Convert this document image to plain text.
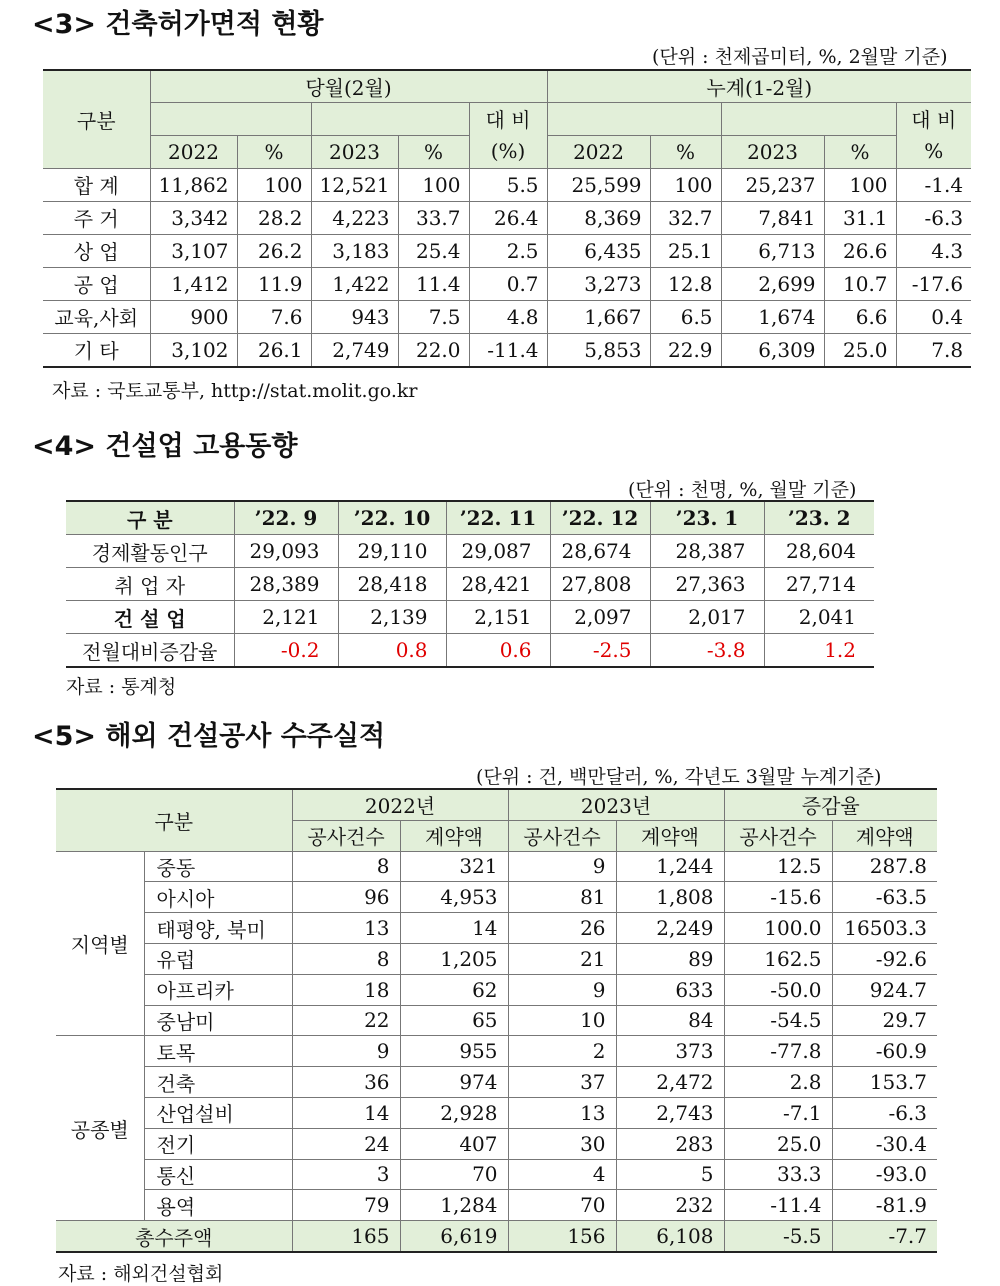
<3> 건축허가면적 현황
(단위 : 천제곱미터, %, 2월말 기준)
구분	당월(2월)					누계(1-2월)				
					대 비					대 비
	2022	%	2023	%	(%)	2022	%	2023	%	%
합 계	11,862	100	12,521	100	5.5	25,599	100	25,237	100	-1.4
주 거	3,342	28.2	4,223	33.7	26.4	8,369	32.7	7,841	31.1	-6.3
상 업	3,107	26.2	3,183	25.4	2.5	6,435	25.1	6,713	26.6	4.3
공 업	1,412	11.9	1,422	11.4	0.7	3,273	12.8	2,699	10.7	-17.6
교육,사회	900	7.6	943	7.5	4.8	1,667	6.5	1,674	6.6	0.4
기 타	3,102	26.1	2,749	22.0	-11.4	5,853	22.9	6,309	25.0	7.8
자료 : 국토교통부, http://stat.molit.go.kr
<4> 건설업 고용동향
(단위 : 천명, %, 월말 기준)
구 분	’22. 9	’22. 10	’22. 11	’22. 12	’23. 1	’23. 2
경제활동인구	29,093	29,110	29,087	28,674	28,387	28,604
취 업 자	28,389	28,418	28,421	27,808	27,363	27,714
건 설 업	2,121	2,139	2,151	2,097	2,017	2,041
전월대비증감율	-0.2	0.8	0.6	-2.5	-3.8	1.2
자료 : 통계청
<5> 해외 건설공사 수주실적
(단위 : 건, 백만달러, %, 각년도 3월말 누계기준)
구분		2022년		2023년		증감율	
		공사건수	계약액	공사건수	계약액	공사건수	계약액
지역별	중동	8	321	9	1,244	12.5	287.8
	아시아	96	4,953	81	1,808	-15.6	-63.5
	태평양, 북미	13	14	26	2,249	100.0	16503.3
	유럽	8	1,205	21	89	162.5	-92.6
	아프리카	18	62	9	633	-50.0	924.7
	중남미	22	65	10	84	-54.5	29.7
공종별	토목	9	955	2	373	-77.8	-60.9
	건축	36	974	37	2,472	2.8	153.7
	산업설비	14	2,928	13	2,743	-7.1	-6.3
	전기	24	407	30	283	25.0	-30.4
	통신	3	70	4	5	33.3	-93.0
	용역	79	1,284	70	232	-11.4	-81.9
총수주액		165	6,619	156	6,108	-5.5	-7.7
자료 : 해외건설협회
